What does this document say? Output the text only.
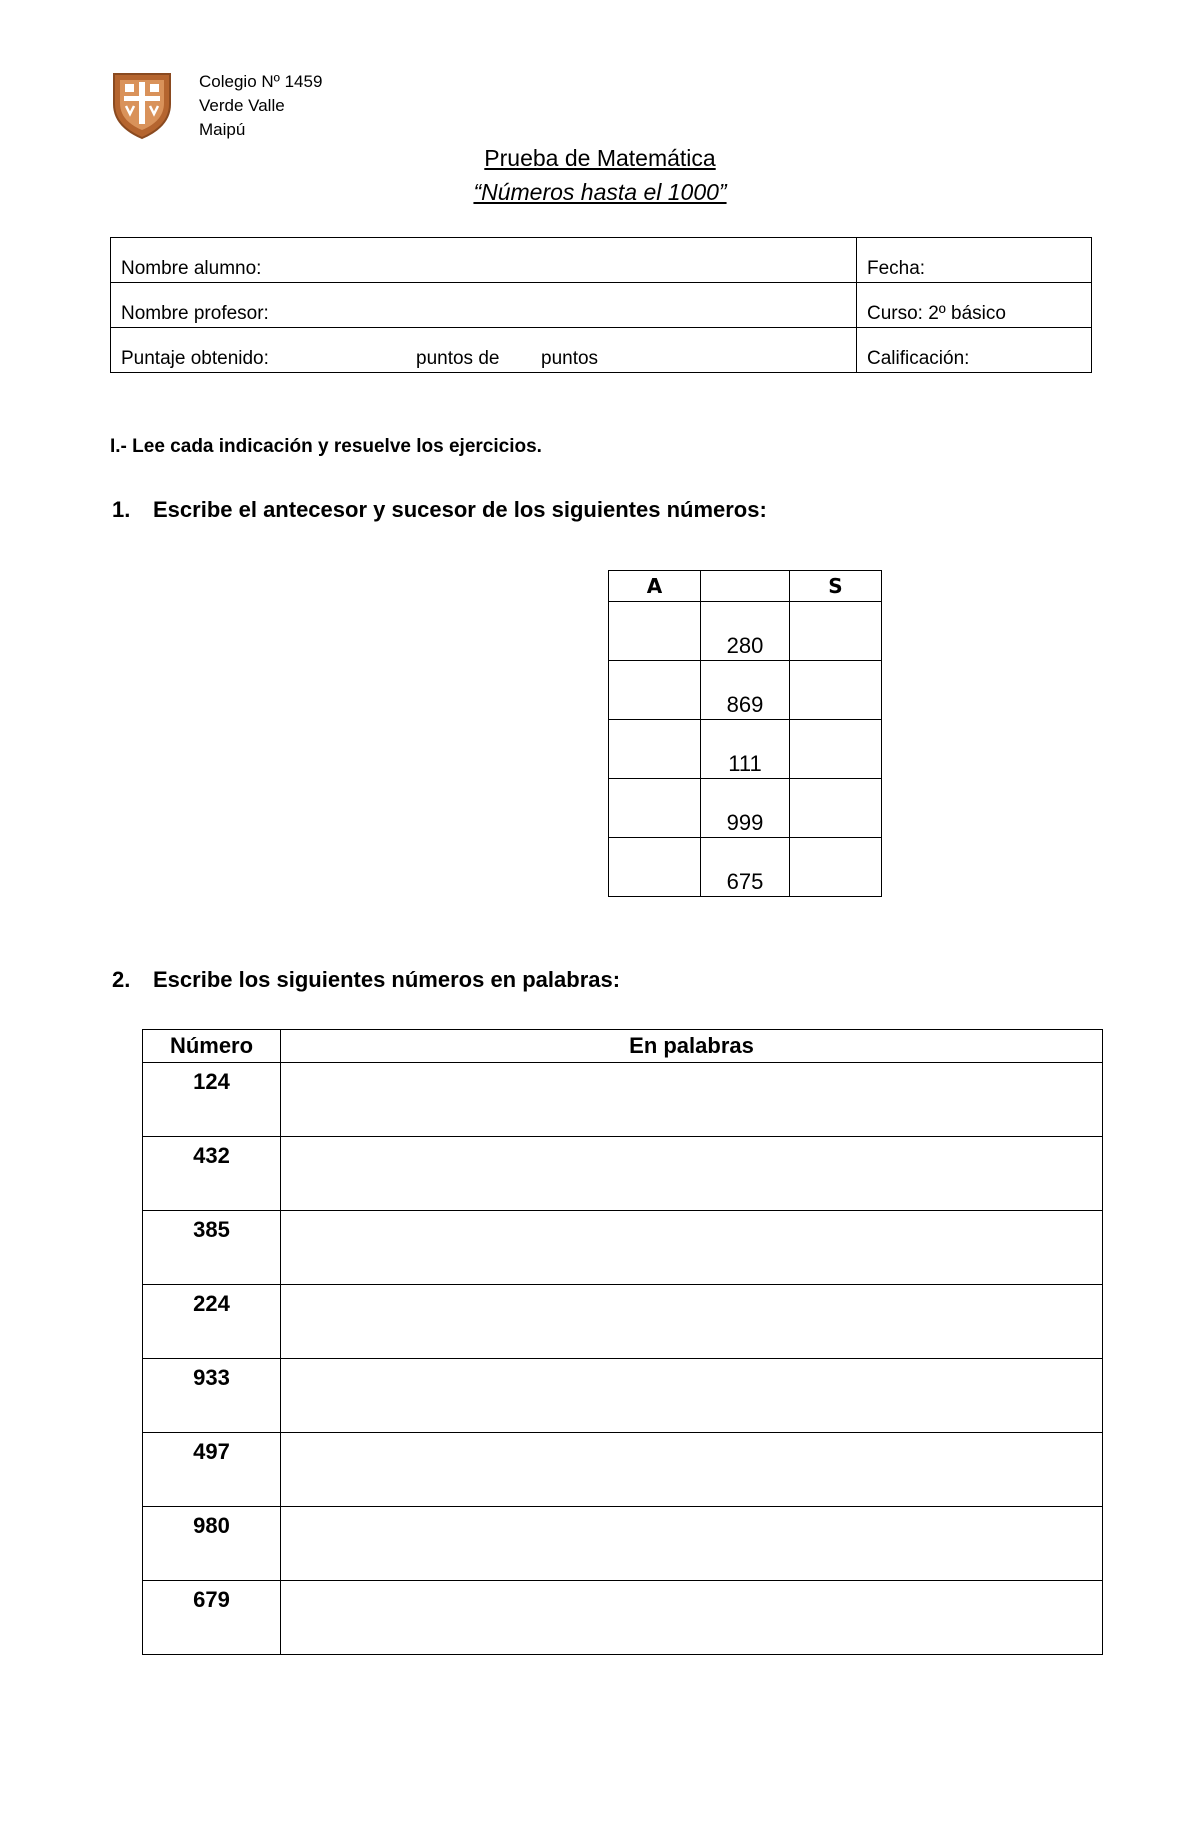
Colegio Nº 1459
Verde Valle
Maipú
Prueba de Matemática
“Números hasta el 1000”
Nombre alumno:	Fecha:
Nombre profesor:	Curso: 2º básico
Puntaje obtenido: puntos de puntos	Calificación:
I.- Lee cada indicación y resuelve los ejercicios.
1. Escribe el antecesor y sucesor de los siguientes números:
A		S
	280	
	869	
	111	
	999	
	675	
2. Escribe los siguientes números en palabras:
Número	En palabras
124	
432	
385	
224	
933	
497	
980	
679	
